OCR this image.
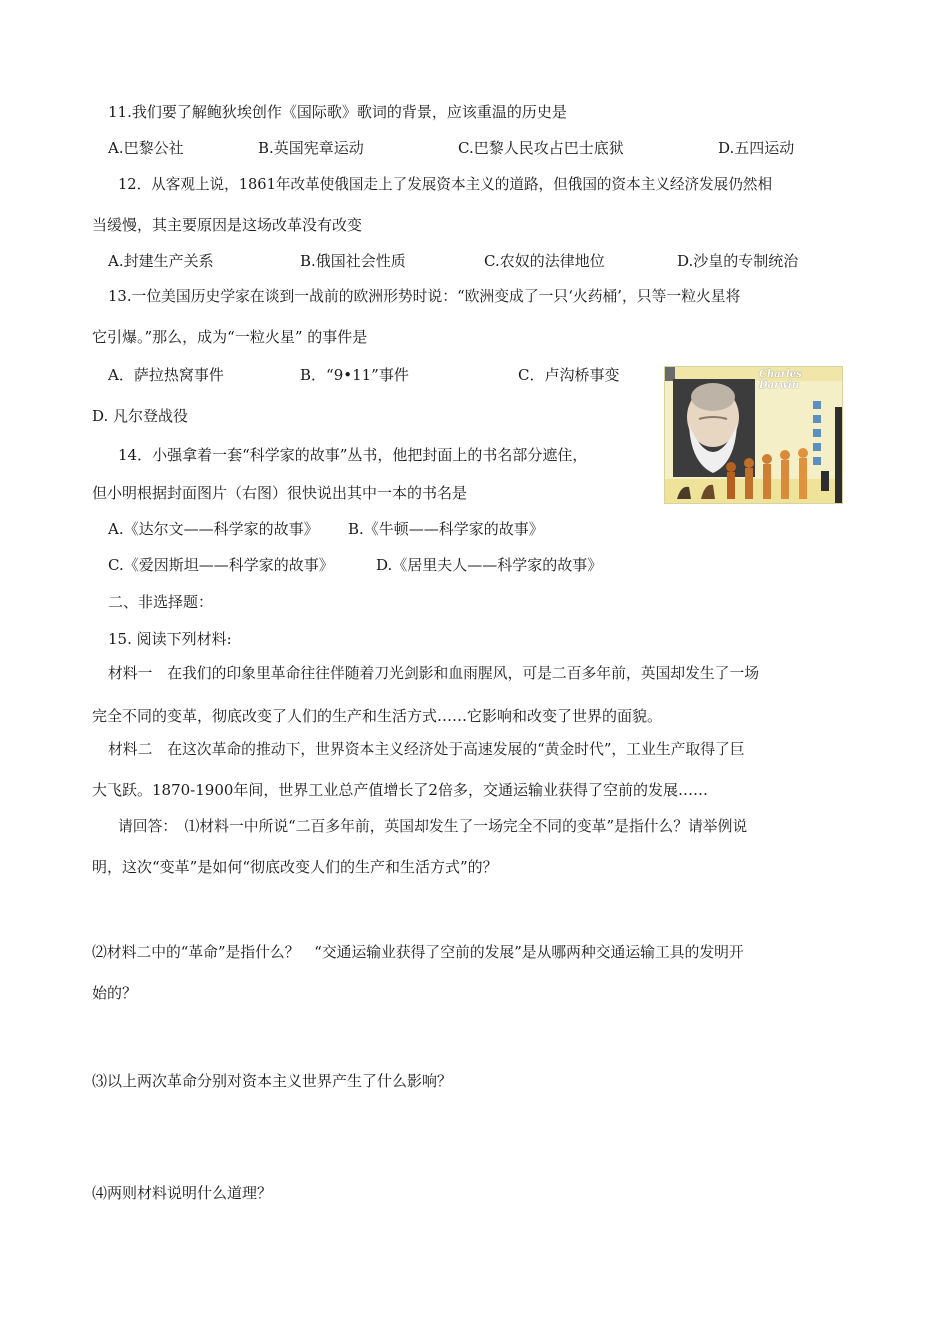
11.我们要了解鲍狄埃创作《国际歌》歌词的背景，应该重温的历史是
A.巴黎公社	B.英国宪章运动	C.巴黎人民攻占巴士底狱	D.五四运动
12．从客观上说，1861年改革使俄国走上了发展资本主义的道路，但俄国的资本主义经济发展仍然相
当缓慢，其主要原因是这场改革没有改变
A.封建生产关系	B.俄国社会性质	C.农奴的法律地位	D.沙皇的专制统治
13.一位美国历史学家在谈到一战前的欧洲形势时说：“欧洲变成了一只‘火药桶’，只等一粒火星将
它引爆。”那么，成为“一粒火星” 的事件是
A．萨拉热窝事件	B．“9•11”事件	C．卢沟桥事变
D. 凡尔登战役
Charles Darwin
14．小强拿着一套“科学家的故事”丛书，他把封面上的书名部分遮住，
但小明根据封面图片（右图）很快说出其中一本的书名是
A.《达尔文——科学家的故事》 B.《牛顿——科学家的故事》
C.《爱因斯坦——科学家的故事》	D.《居里夫人——科学家的故事》
二、非选择题：
15. 阅读下列材料:
材料一　在我们的印象里革命往往伴随着刀光剑影和血雨腥风，可是二百多年前，英国却发生了一场
完全不同的变革，彻底改变了人们的生产和生活方式……它影响和改变了世界的面貌。
材料二　在这次革命的推动下，世界资本主义经济处于高速发展的“黄金时代”，工业生产取得了巨
大飞跃。1870-1900年间，世界工业总产值增长了2倍多，交通运输业获得了空前的发展……
请回答：　⑴材料一中所说“二百多年前，英国却发生了一场完全不同的变革”是指什么？请举例说
明，这次“变革”是如何“彻底改变人们的生产和生活方式”的？
⑵材料二中的“革命”是指什么？　“交通运输业获得了空前的发展”是从哪两种交通运输工具的发明开
始的？
⑶以上两次革命分别对资本主义世界产生了什么影响？
⑷两则材料说明什么道理？
